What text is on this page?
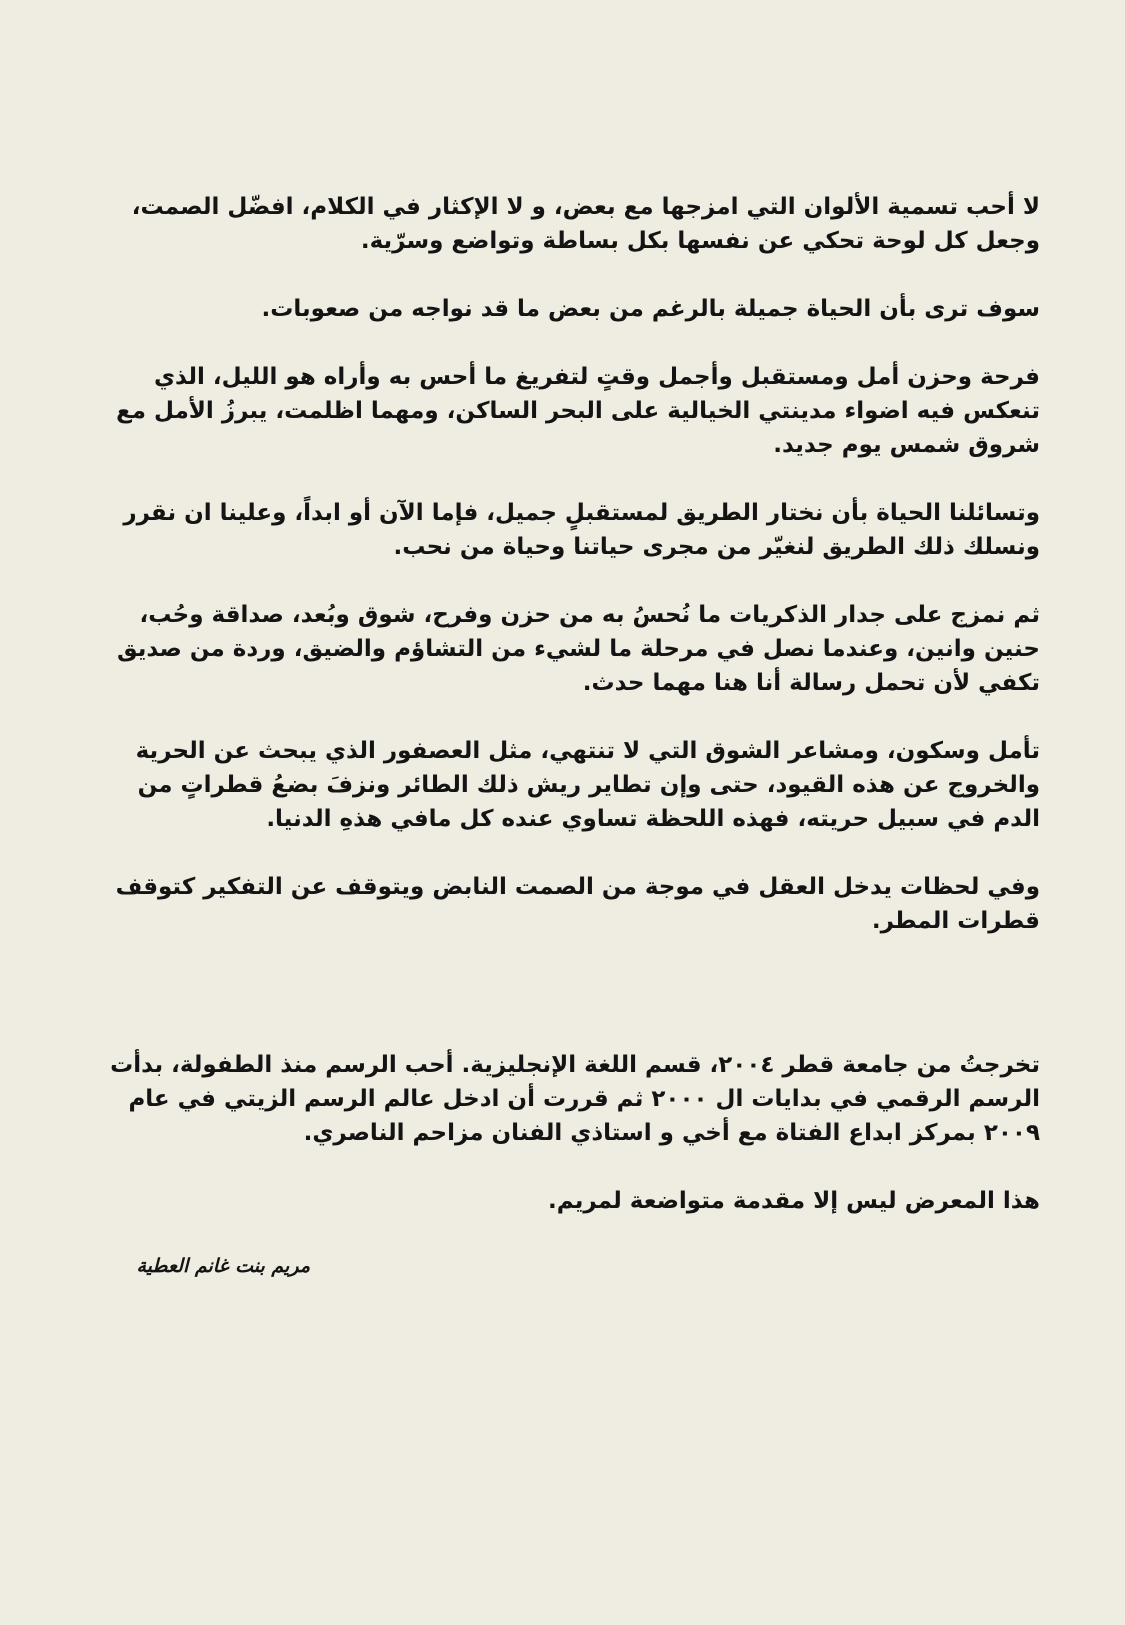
لا أحب تسمية الألوان التي امزجها مع بعض، و لا الإكثار في الكلام، افضّل الصمت، وجعل كل لوحة تحكي عن نفسها بكل بساطة وتواضع وسرّية.

سوف ترى بأن الحياة جميلة بالرغم من بعض ما قد نواجه من صعوبات.

فرحة وحزن أمل ومستقبل وأجمل وقتٍ لتفريغ ما أحس به وأراه هو الليل، الذي تنعكس فيه اضواء مدينتي الخيالية على البحر الساكن، ومهما اظلمت، يبرزُ الأمل مع شروق شمس يوم جديد.

وتسائلنا الحياة بأن نختار الطريق لمستقبلٍ جميل، فإما الآن أو ابداً، وعلينا ان نقرر ونسلك ذلك الطريق لنغيّر من مجرى حياتنا وحياة من نحب.

ثم نمزج على جدار الذكريات ما نُحسُ به من حزن وفرح، شوق وبُعد، صداقة وحُب، حنين وانين، وعندما نصل في مرحلة ما لشيء من التشاؤم والضيق، وردة من صديق تكفي لأن تحمل رسالة أنا هنا مهما حدث.

تأمل وسكون، ومشاعر الشوق التي لا تنتهي، مثل العصفور الذي يبحث عن الحرية والخروج عن هذه القيود، حتى وإن تطاير ريش ذلك الطائر ونزفَ بضعُ قطراتٍ من الدم في سبيل حريته، فهذه اللحظة تساوي عنده كل مافي هذهِ الدنيا.

وفي لحظات يدخل العقل في موجة من الصمت النابض ويتوقف عن التفكير كتوقف قطرات المطر.

تخرجتُ من جامعة قطر ٢٠٠٤، قسم اللغة الإنجليزية. أحب الرسم منذ الطفولة، بدأت الرسم الرقمي في بدايات ال ٢٠٠٠ ثم قررت أن ادخل عالم الرسم الزيتي في عام ٢٠٠٩ بمركز ابداع الفتاة مع أخي و استاذي الفنان مزاحم الناصري.

هذا المعرض ليس إلا مقدمة متواضعة لمريم.

مريم بنت غانم العطية
